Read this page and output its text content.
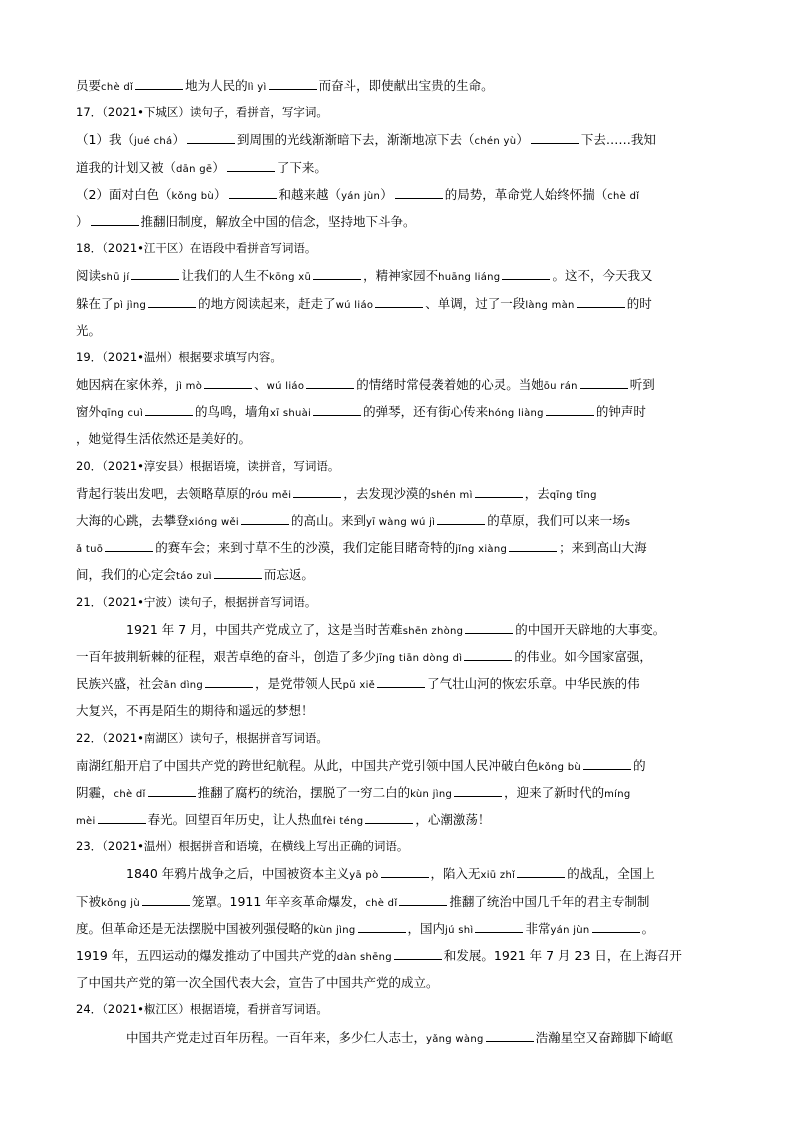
员要chè dǐ	地为人民的lì yì	而奋斗，即使献出宝贵的生命。
17．（2021•下城区）读句子，看拼音，写字词。
（1）我（jué chá）	到周围的光线渐渐暗下去，渐渐地凉下去（chén yù）	下去……我知
道我的计划又被（dān gē）	了下来。
（2）面对白色（kǒng bù）	和越来越（yán jùn）	的局势，革命党人始终怀揣（chè dǐ
）	推翻旧制度，解放全中国的信念，坚持地下斗争。
18．（2021•江干区）在语段中看拼音写词语。
阅读shū jí	让我们的人生不kōng xū	，精神家园不huāng liáng	。这不，今天我又
躲在了pì jìng	的地方阅读起来，赶走了wú liáo	、单调，过了一段làng màn	的时
光。
19．（2021•温州）根据要求填写内容。
她因病在家休养，jì mò	、wú liáo	的情绪时常侵袭着她的心灵。当她ōu rán	听到
窗外qīng cuì	的鸟鸣，墙角xī shuài	的弹琴，还有街心传来hóng liàng	的钟声时
，她觉得生活依然还是美好的。
20．（2021•淳安县）根据语境，读拼音，写词语。
背起行装出发吧，去领略草原的róu měi	，去发现沙漠的shén mì	，去qīng tīng
大海的心跳，去攀登xióng wěi	的高山。来到yī wàng wú jì	的草原，我们可以来一场s
ǎ tuō	的赛车会；来到寸草不生的沙漠，我们定能目睹奇特的jǐng xiàng	；来到高山大海
间，我们的心定会táo zuì	而忘返。
21．（2021•宁波）读句子，根据拼音写词语。
1921 年 7 月，中国共产党成立了，这是当时苦难shēn zhòng	的中国开天辟地的大事变。
一百年披荆斩棘的征程，艰苦卓绝的奋斗，创造了多少jīng tiān dòng dì	的伟业。如今国家富强，
民族兴盛，社会ān dìng	，是党带领人民pǔ xiě	了气壮山河的恢宏乐章。中华民族的伟
大复兴，不再是陌生的期待和遥远的梦想！
22．（2021•南湖区）读句子，根据拼音写词语。
南湖红船开启了中国共产党的跨世纪航程。从此，中国共产党引领中国人民冲破白色kǒng bù	的
阴霾，chè dǐ	推翻了腐朽的统治，摆脱了一穷二白的kùn jìng	，迎来了新时代的míng
mèi	春光。回望百年历史，让人热血fèi téng	，心潮激荡！
23．（2021•温州）根据拼音和语境，在横线上写出正确的词语。
1840 年鸦片战争之后，中国被资本主义yā pò	，陷入无xiū zhǐ	的战乱，全国上
下被kǒng jù	笼罩。1911 年辛亥革命爆发，chè dǐ	推翻了统治中国几千年的君主专制制
度。但革命还是无法摆脱中国被列强侵略的kùn jìng	，国内jú shì	非常yán jùn	。
1919 年，五四运动的爆发推动了中国共产党的dàn shēng	和发展。1921 年 7 月 23 日，在上海召开
了中国共产党的第一次全国代表大会，宣告了中国共产党的成立。
24．（2021•椒江区）根据语境，看拼音写词语。
中国共产党走过百年历程。一百年来，多少仁人志士，yǎng wàng	浩瀚星空又奋蹄脚下崎岖
